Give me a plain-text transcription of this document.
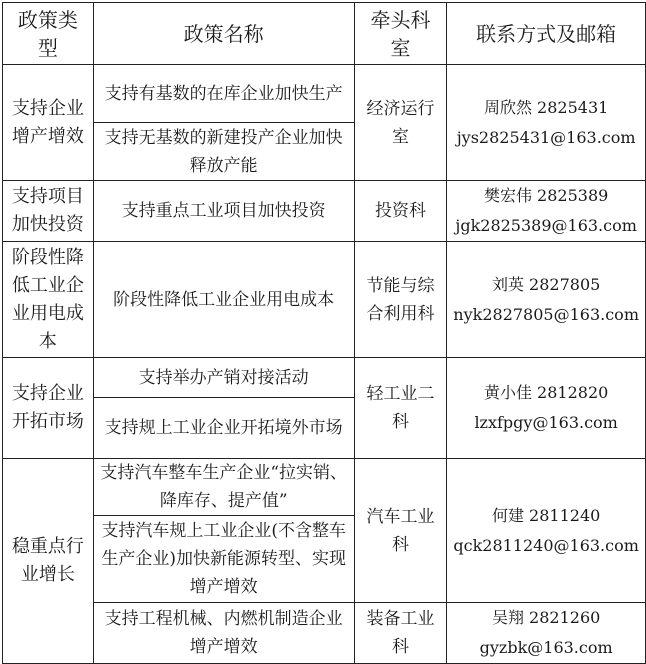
政策类型	政策名称	牵头科室	联系方式及邮箱
支持企业增产增效	支持有基数的在库企业加快生产	经济运行室	周欣然 2825431
jys2825431@163.com

	支持无基数的新建投产企业加快释放产能		
支持项目加快投资	支持重点工业项目加快投资	投资科	樊宏伟 2825389
jgk2825389@163.com

阶段性降低工业企业用电成本	阶段性降低工业企业用电成本	节能与综合利用科	刘英 2827805
nyk2827805@163.com

支持企业开拓市场	支持举办产销对接活动	轻工业二科	黄小佳 2812820
lzxfpgy@163.com

	支持规上工业企业开拓境外市场		
稳重点行业增长	支持汽车整车生产企业“拉实销、降库存、提产值”	汽车工业科	何建 2811240
qck2811240@163.com

	支持汽车规上工业企业(不含整车生产企业)加快新能源转型、实现增产增效		
	支持工程机械、内燃机制造企业增产增效	装备工业科	吴翔 2821260
gyzbk@163.com
